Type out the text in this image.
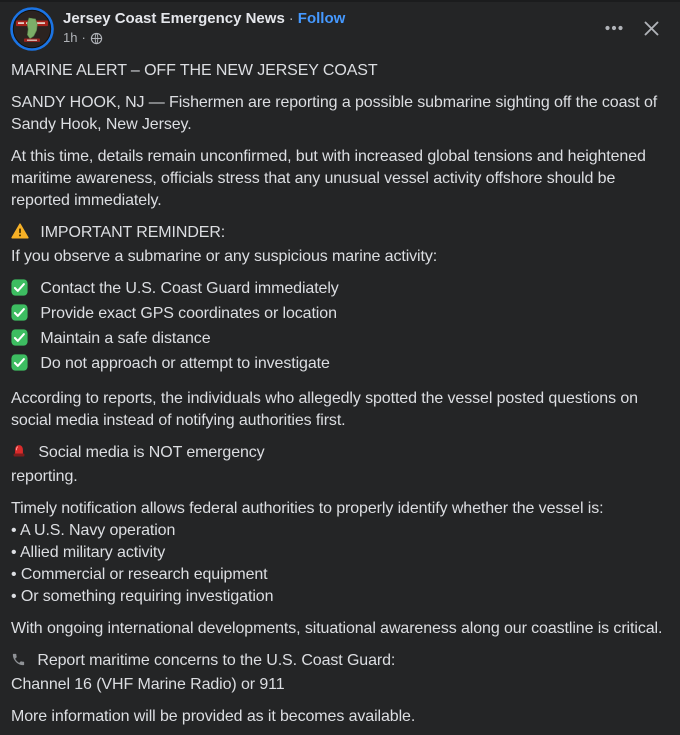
Jersey Coast Emergency News · Follow
1h ·
MARINE ALERT – OFF THE NEW JERSEY COAST
SANDY HOOK, NJ — Fishermen are reporting a possible submarine sighting off the coast of Sandy Hook, New Jersey.
At this time, details remain unconfirmed, but with increased global tensions and heightened maritime awareness, officials stress that any unusual vessel activity offshore should be reported immediately.
IMPORTANT REMINDER:
If you observe a submarine or any suspicious marine activity:
Contact the U.S. Coast Guard immediately
Provide exact GPS coordinates or location
Maintain a safe distance
Do not approach or attempt to investigate
According to reports, the individuals who allegedly spotted the vessel posted questions on social media instead of notifying authorities first.
Social media is NOT emergency
reporting.
Timely notification allows federal authorities to properly identify whether the vessel is:
• A U.S. Navy operation
• Allied military activity
• Commercial or research equipment
• Or something requiring investigation
With ongoing international developments, situational awareness along our coastline is critical.
Report maritime concerns to the U.S. Coast Guard:
Channel 16 (VHF Marine Radio) or 911
More information will be provided as it becomes available.
